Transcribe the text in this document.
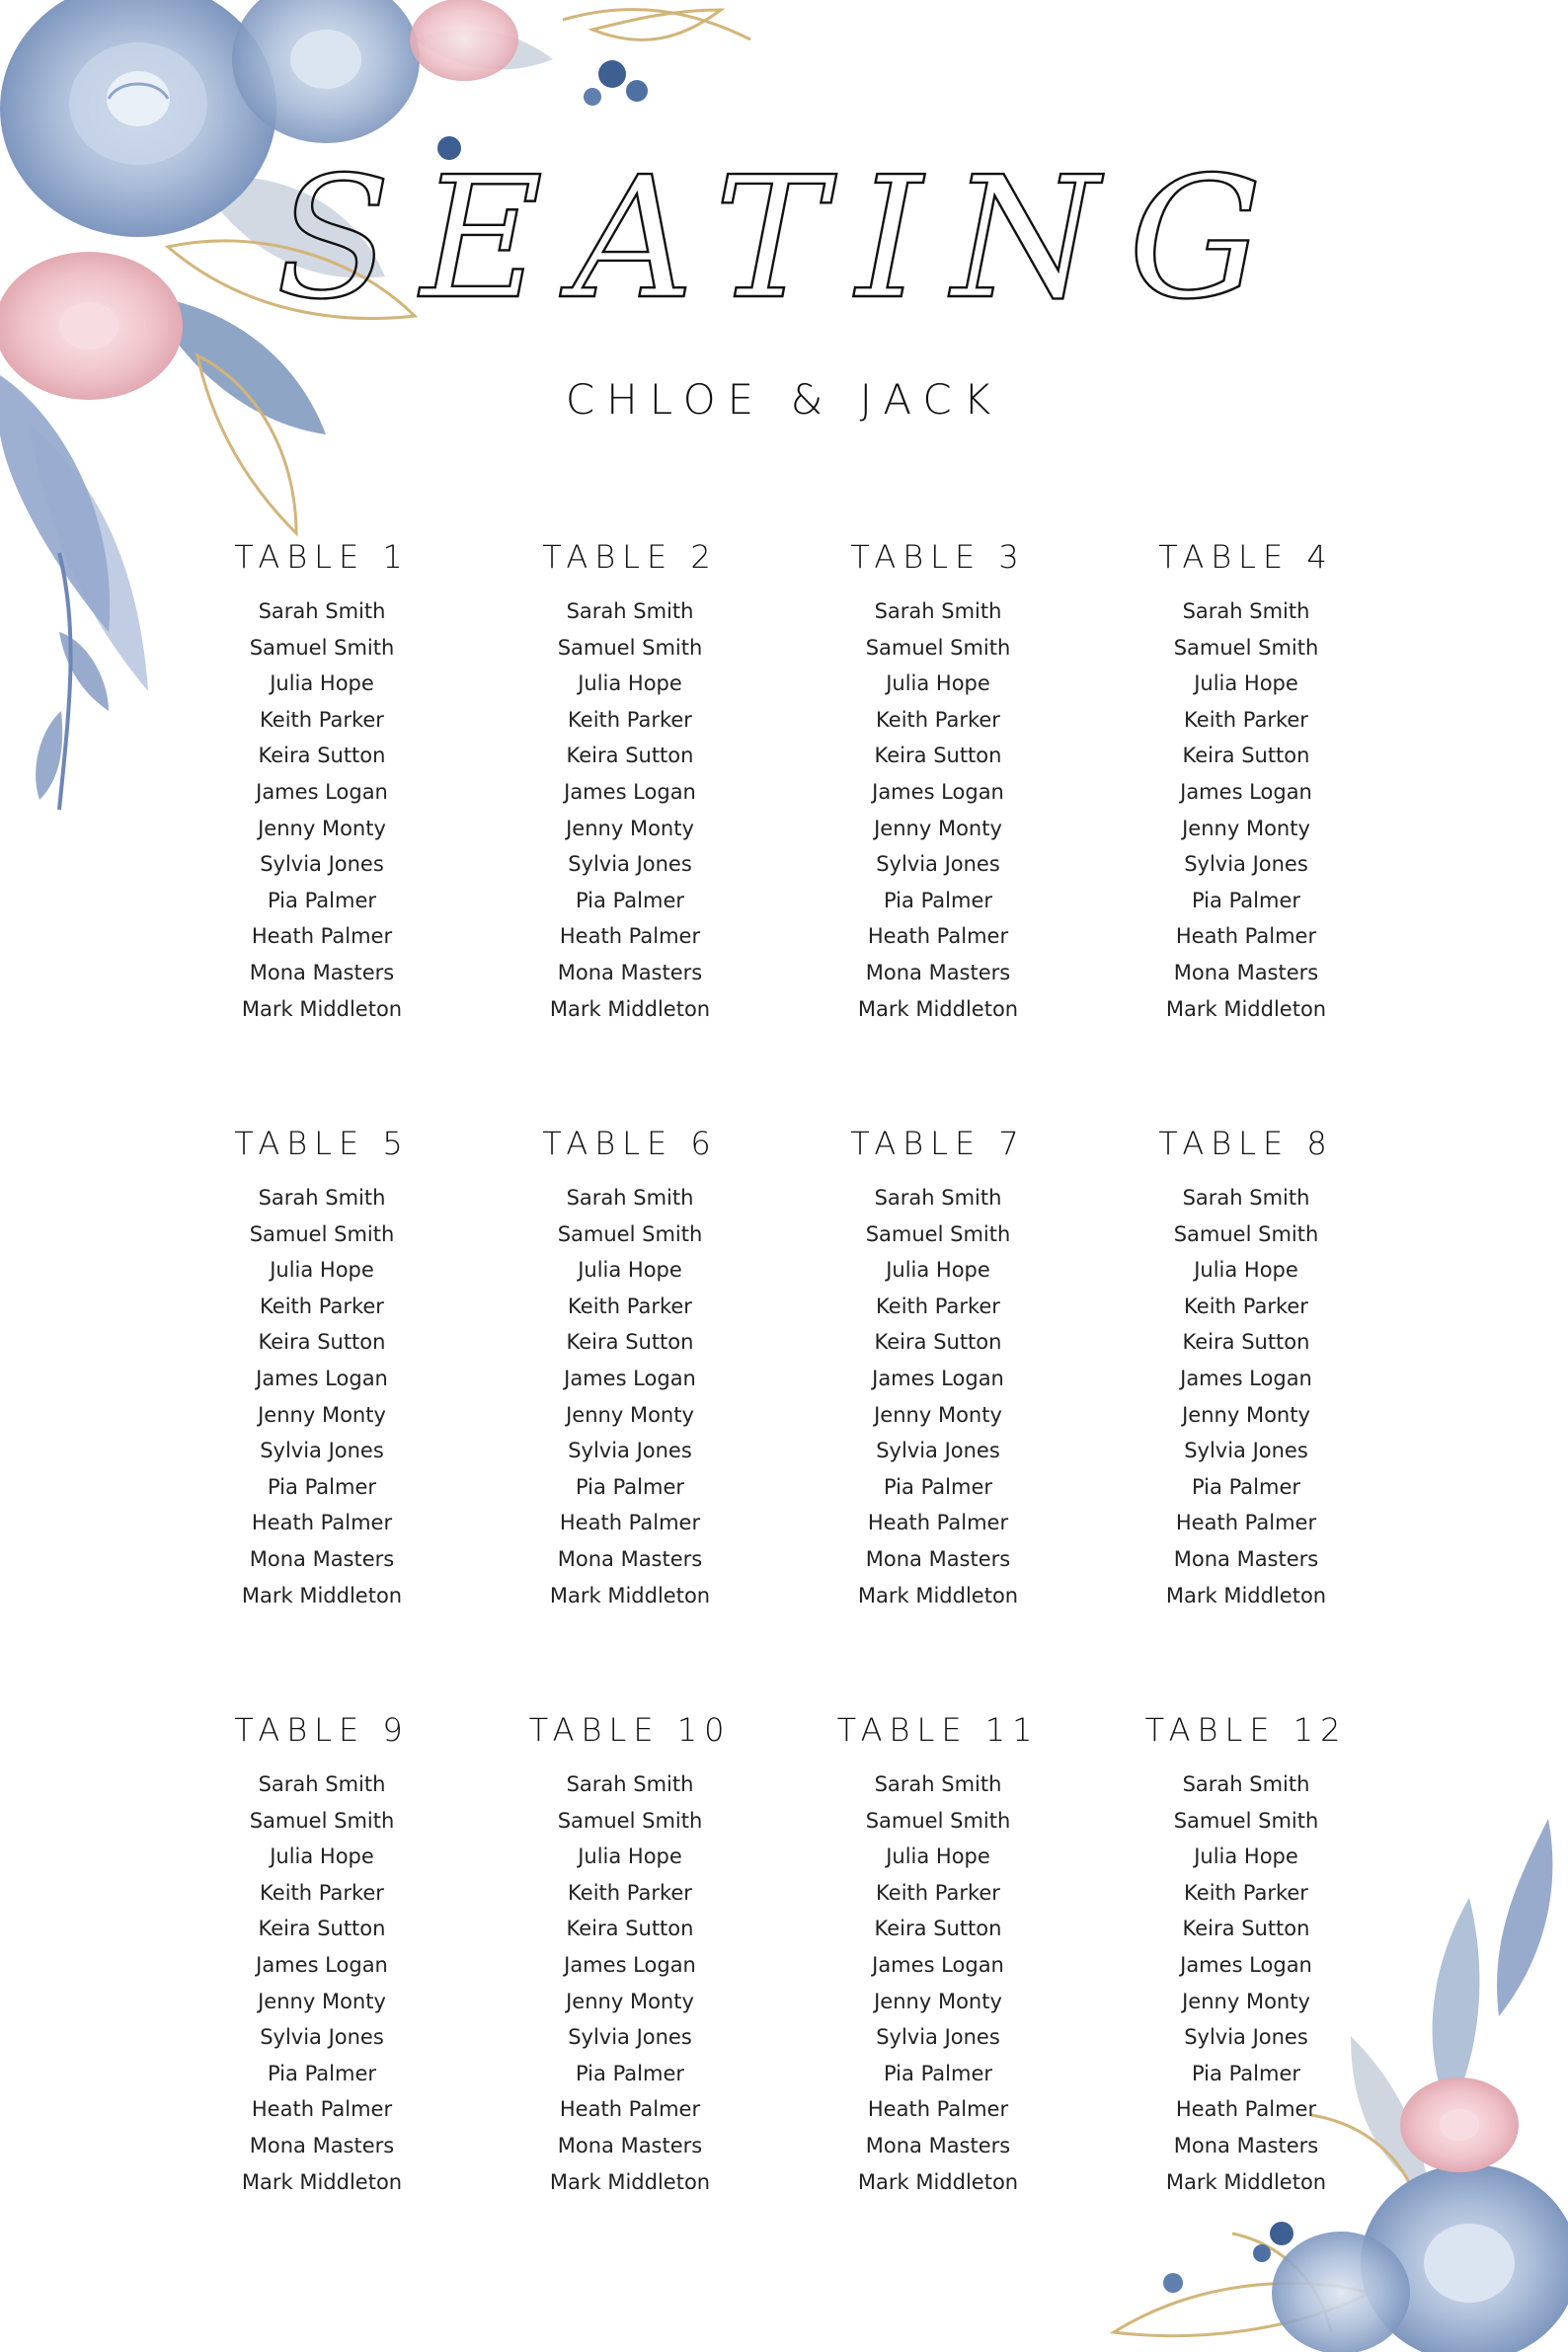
SEATING
CHLOE & JACK
TABLE 1
Sarah Smith
Samuel Smith
Julia Hope
Keith Parker
Keira Sutton
James Logan
Jenny Monty
Sylvia Jones
Pia Palmer
Heath Palmer
Mona Masters
Mark Middleton
TABLE 2
Sarah Smith
Samuel Smith
Julia Hope
Keith Parker
Keira Sutton
James Logan
Jenny Monty
Sylvia Jones
Pia Palmer
Heath Palmer
Mona Masters
Mark Middleton
TABLE 3
Sarah Smith
Samuel Smith
Julia Hope
Keith Parker
Keira Sutton
James Logan
Jenny Monty
Sylvia Jones
Pia Palmer
Heath Palmer
Mona Masters
Mark Middleton
TABLE 4
Sarah Smith
Samuel Smith
Julia Hope
Keith Parker
Keira Sutton
James Logan
Jenny Monty
Sylvia Jones
Pia Palmer
Heath Palmer
Mona Masters
Mark Middleton
TABLE 5
Sarah Smith
Samuel Smith
Julia Hope
Keith Parker
Keira Sutton
James Logan
Jenny Monty
Sylvia Jones
Pia Palmer
Heath Palmer
Mona Masters
Mark Middleton
TABLE 6
Sarah Smith
Samuel Smith
Julia Hope
Keith Parker
Keira Sutton
James Logan
Jenny Monty
Sylvia Jones
Pia Palmer
Heath Palmer
Mona Masters
Mark Middleton
TABLE 7
Sarah Smith
Samuel Smith
Julia Hope
Keith Parker
Keira Sutton
James Logan
Jenny Monty
Sylvia Jones
Pia Palmer
Heath Palmer
Mona Masters
Mark Middleton
TABLE 8
Sarah Smith
Samuel Smith
Julia Hope
Keith Parker
Keira Sutton
James Logan
Jenny Monty
Sylvia Jones
Pia Palmer
Heath Palmer
Mona Masters
Mark Middleton
TABLE 9
Sarah Smith
Samuel Smith
Julia Hope
Keith Parker
Keira Sutton
James Logan
Jenny Monty
Sylvia Jones
Pia Palmer
Heath Palmer
Mona Masters
Mark Middleton
TABLE 10
Sarah Smith
Samuel Smith
Julia Hope
Keith Parker
Keira Sutton
James Logan
Jenny Monty
Sylvia Jones
Pia Palmer
Heath Palmer
Mona Masters
Mark Middleton
TABLE 11
Sarah Smith
Samuel Smith
Julia Hope
Keith Parker
Keira Sutton
James Logan
Jenny Monty
Sylvia Jones
Pia Palmer
Heath Palmer
Mona Masters
Mark Middleton
TABLE 12
Sarah Smith
Samuel Smith
Julia Hope
Keith Parker
Keira Sutton
James Logan
Jenny Monty
Sylvia Jones
Pia Palmer
Heath Palmer
Mona Masters
Mark Middleton
